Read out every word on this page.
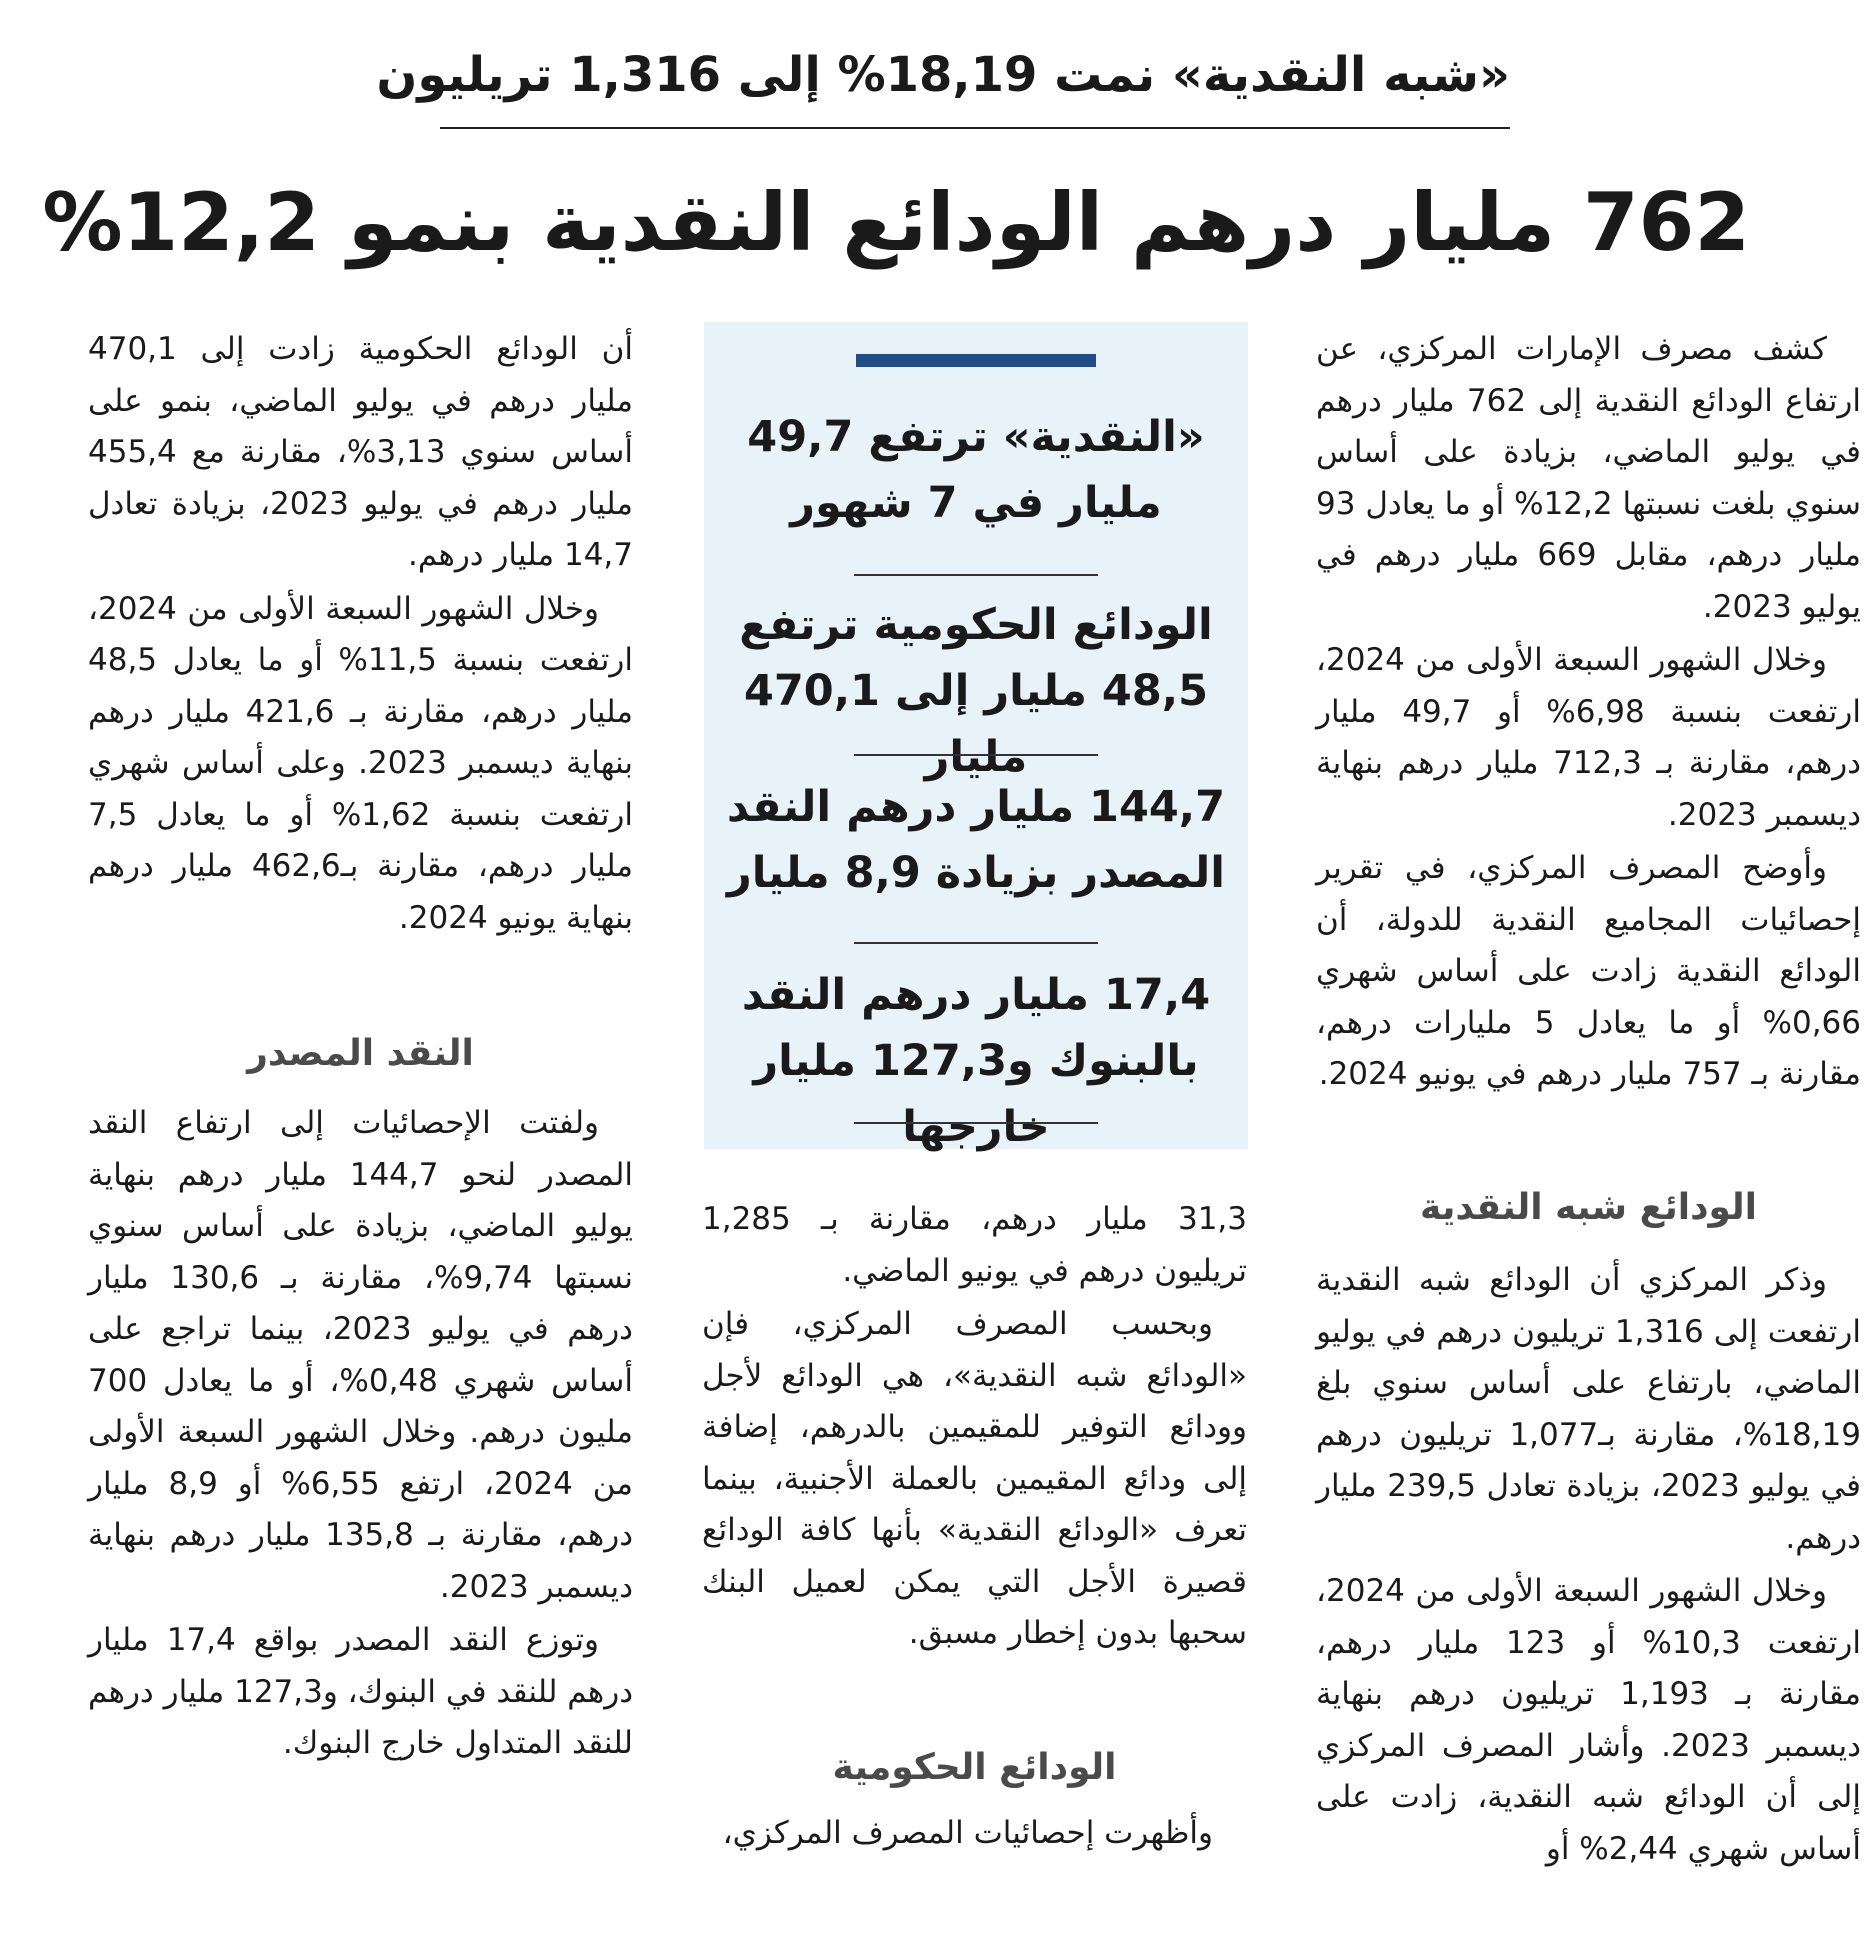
«شبه النقدية» نمت 18,19% إلى 1,316 تريليون
762 مليار درهم الودائع النقدية بنمو 12,2%

كشف مصرف الإمارات المركزي، عن ارتفاع الودائع النقدية إلى 762 مليار درهم في يوليو الماضي، بزيادة على أساس سنوي بلغت نسبتها 12,2% أو ما يعادل 93 مليار درهم، مقابل 669 مليار درهم في يوليو 2023.

وخلال الشهور السبعة الأولى من 2024، ارتفعت بنسبة 6,98% أو 49,7 مليار درهم، مقارنة بـ 712,3 مليار درهم بنهاية ديسمبر 2023.

وأوضح المصرف المركزي، في تقرير إحصائيات المجاميع النقدية للدولة، أن الودائع النقدية زادت على أساس شهري 0,66% أو ما يعادل 5 مليارات درهم، مقارنة بـ 757 مليار درهم في يونيو 2024.

الودائع شبه النقدية

وذكر المركزي أن الودائع شبه النقدية ارتفعت إلى 1,316 تريليون درهم في يوليو الماضي، بارتفاع على أساس سنوي بلغ 18,19%، مقارنة بـ1,077 تريليون درهم في يوليو 2023، بزيادة تعادل 239,5 مليار درهم.

وخلال الشهور السبعة الأولى من 2024، ارتفعت 10,3% أو 123 مليار درهم، مقارنة بـ 1,193 تريليون درهم بنهاية ديسمبر 2023. وأشار المصرف المركزي إلى أن الودائع شبه النقدية، زادت على أساس شهري 2,44% أو

«النقدية» ترتفع 49,7 مليار في 7 شهور
الودائع الحكومية ترتفع 48,5 مليار إلى 470,1 مليار
144,7 مليار درهم النقد المصدر بزيادة 8,9 مليار
17,4 مليار درهم النقد بالبنوك و127,3 مليار خارجها

31,3 مليار درهم، مقارنة بـ 1,285 تريليون درهم في يونيو الماضي.

وبحسب المصرف المركزي، فإن «الودائع شبه النقدية»، هي الودائع لأجل وودائع التوفير للمقيمين بالدرهم، إضافة إلى ودائع المقيمين بالعملة الأجنبية، بينما تعرف «الودائع النقدية» بأنها كافة الودائع قصيرة الأجل التي يمكن لعميل البنك سحبها بدون إخطار مسبق.

الودائع الحكومية

وأظهرت إحصائيات المصرف المركزي،

أن الودائع الحكومية زادت إلى 470,1 مليار درهم في يوليو الماضي، بنمو على أساس سنوي 3,13%، مقارنة مع 455,4 مليار درهم في يوليو 2023، بزيادة تعادل 14,7 مليار درهم.

وخلال الشهور السبعة الأولى من 2024، ارتفعت بنسبة 11,5% أو ما يعادل 48,5 مليار درهم، مقارنة بـ 421,6 مليار درهم بنهاية ديسمبر 2023. وعلى أساس شهري ارتفعت بنسبة 1,62% أو ما يعادل 7,5 مليار درهم، مقارنة بـ462,6 مليار درهم بنهاية يونيو 2024.

النقد المصدر

ولفتت الإحصائيات إلى ارتفاع النقد المصدر لنحو 144,7 مليار درهم بنهاية يوليو الماضي، بزيادة على أساس سنوي نسبتها 9,74%، مقارنة بـ 130,6 مليار درهم في يوليو 2023، بينما تراجع على أساس شهري 0,48%، أو ما يعادل 700 مليون درهم. وخلال الشهور السبعة الأولى من 2024، ارتفع 6,55% أو 8,9 مليار درهم، مقارنة بـ 135,8 مليار درهم بنهاية ديسمبر 2023.

وتوزع النقد المصدر بواقع 17,4 مليار درهم للنقد في البنوك، و127,3 مليار درهم للنقد المتداول خارج البنوك.
